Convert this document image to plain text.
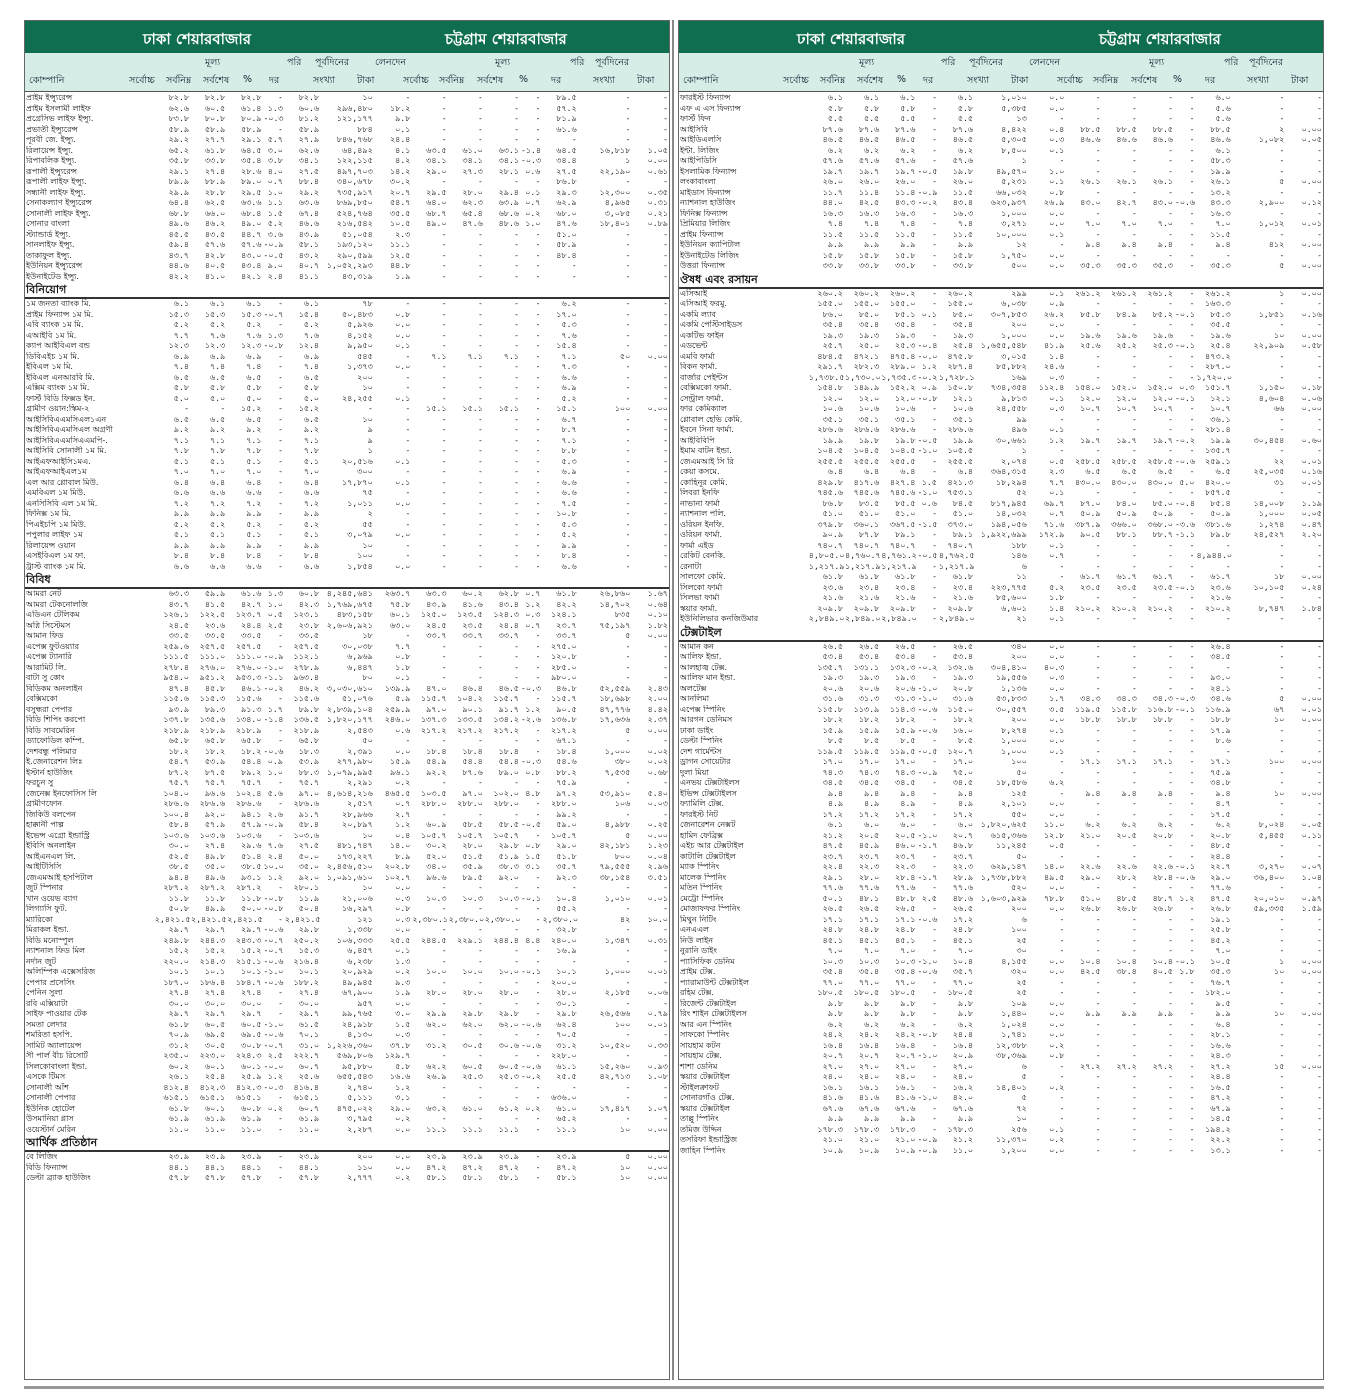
ঢাকা শেয়ারবাজার	চট্টগ্রাম শেয়ারবাজার
মূল্য	পরি পূর্বদিনের	লেনদেন	মূল্য	পরি পূর্বদিনের
কোম্পানি	সর্বোচ্চ সর্বনিম্ন সর্বশেষ % দর	সংখ্যা টাকা	সর্বোচ্চ সর্বনিম্ন সর্বশেষ % দর	সংখ্যা টাকা
প্রাইম ইন্স্যুরেন্স	৮২.৮	৮২.৮	৮২.৮	-	৮২.৮	১০	-	-	-	-	-	৮৯.৫	-	-
প্রাইম ইসলামী লাইফ	৬২.৬	৬০.৫	৬১.৪	১.৩	৬০.৬	২৯৬,৪৮০	১৮.২	-	-	-	-	৫৭.২	-	-
প্রগ্রেসিভ লাইফ ইন্স্যু.	৮৩.৮	৮০.৮	৮০.৯	-০.৩	৮১.২	১২১,১৭৭	৯.৮	-	-	-	-	৮১.৯	-	-
প্রভাতী ইন্স্যুরেন্স	৫৮.৯	৫৮.৯	৫৮.৯	-	৫৮.৯	৮৮৪	০.১	-	-	-	-	৬১.৬	-	-
পূরবী জে. ইন্স্যু.	২৯.২	২৭.৭	২৯.১	৫.৭	২৭.৯	৮৪৬,৭৬৮	২৪.৪	-	-	-	-	-	-	-
রিলায়েন্স ইন্স্যু.	৬৫.২	৬১.৮	৬৪.৫	৩.০	৬২.৬	৬৪,৪৯২	৪.১	৬৩.৫	৬১.০	৬৩.১	-১.৪	৬৪.৫	১৬,৮১৮	১.০৫
রিপাবলিক ইন্স্যু.	৩৫.৮	৩৩.৮	৩৫.৪	৩.৮	৩৪.১	১২২,১১৫	৪.২	৩৪.১	৩৪.১	৩৪.১	-০.৩	৩৪.৪	১	০.০০
রূপালী ইন্স্যুরেন্স	২৯.১	২৭.৪	২৮.৬	৪.০	২৭.৫	৪৯৭,৭০৩	১৪.২	২৯.০	২৭.৩	২৮.১	০.৬	২৭.৫	২২,১৯০	০.৬১
রূপালী লাইফ ইন্স্যু.	৮৯.৯	৮৮.৯	৮৯.০	০.৭	৮৮.৪	৩৪০,৬৭৮	৩০.২	-	-	-	-	৮৬.৮	-	-
সন্ধানী লাইফ ইন্স্যু.	২৯.৯	২৮.৮	২৯.৫	১.০	২৯.২	৭৩৫,৯১৭	২০.৭	২৯.৫	২৮.০	২৯.৪	০.১	২৯.৩	১২,৩০০	০.৩৫
সেনাকল্যাণ ইন্স্যুরেন্স	৬৪.৪	৬২.৫	৬৩.৬	১.১	৬৩.৬	৮৬৯,৮৫০	৫৪.৭	৬৪.০	৬২.৩	৬৩.৯	০.৭	৬২.৯	৪,৯৬৫	০.৩১
সোনালী লাইফ ইন্স্যু.	৬৮.৮	৬৬.০	৬৮.৪	১.৫	৬৭.৪	৫২৪,৭৬৪	৩৫.৫	৬৮.৭	৬৫.৪	৬৮.৬	০.২	৬৮.০	৩,০৮৫	০.২১
সোনার বাংলা	৪৯.৬	৪৬.২	৪৯.০	৫.২	৪৬.৬	২১৬,৫৪২	১০.৫	৪৯.০	৪৭.৬	৪৮.৬	১.০	৪৭.৬	১৮,৪০১	০.৮৯
স্ট্যান্ডার্ড ইন্স্যু.	৪৫.৫	৪৩.৫	৪৪.৭	৩.৬	৪৩.৯	৫১,০৫৪	২.৩	-	-	-	-	৫১.০	-	-
সানলাইফ ইন্স্যু.	৫৯.৪	৫৭.৬	৫৭.৬	-০.৯	৫৮.১	১৯৩,১২০	১১.১	-	-	-	-	৫৮.৯	-	-
তাকাফুল ইন্স্যু.	৪৩.৭	৪২.৮	৪৩.০	-০.৫	৪৩.২	২৯০,৫৯৯	১২.৫	-	-	-	-	৪৮.৪	-	-
ইউনিয়ন ইন্স্যুরেন্স	৪৪.৬	৪০.৫	৪৩.৪	৯.০	৪০.৭	১,০৫২,২৯৩	৪৪.৮	-	-	-	-	-	-	-
ইউনাইটেড ইন্স্যু.	৪২.২	৪১.০	৪২.১	২.৪	৪১.১	৪৩,৩১৯	১.৯	-	-	-	-	-	-	-
বিনিয়োগ														
১ম জনতা ব্যাংক মি.	৬.১	৬.১	৬.১	-	৬.১	৭৮	-	-	-	-	-	৬.২	-	-
প্রাইম ফিন্যান্স ১ম মি.	১৫.৩	১৫.৩	১৫.৩	-০.৭	১৫.৪	৫০,৪৮৩	০.৮	-	-	-	-	১৭.০	-	-
এবি ব্যাংক ১ম মি.	৫.২	৫.২	৫.২	-	৫.২	৫,৯২৬	০.০	-	-	-	-	৫.৩	-	-
এআইবি ১ম মি.	৭.৭	৭.৬	৭.৬	১.৩	৭.৬	৪,১৫২	০.০	-	-	-	-	৭.৬	-	-
ক্যাপ আইবিএল বন্ড	১২.৩	১২.৩	১২.৩	-০.৮	১২.৪	৯,৯৫০	০.১	-	-	-	-	১৫.৪	-	-
ডিবিএইচ ১ম মি.	৬.৯	৬.৯	৬.৯	-	৬.৯	৫৪৫	-	৭.১	৭.১	৭.১	-	৭.১	৫০	০.০০
ইবিএল ১ম মি.	৭.৪	৭.৪	৭.৪	-	৭.৪	১,৩৭৩	০.০	-	-	-	-	৭.৩	-	-
ইবিএল এনআরবি মি.	৬.৫	৬.৫	৬.৫	-	৬.৫	২০০	-	-	-	-	-	৬.৬	-	-
এক্সিম ব্যাংক ১ম মি.	৫.৮	৫.৮	৫.৮	-	৫.৮	১০	-	-	-	-	-	৬.৯	-	-
ফার্স্ট বিডি ফিক্সড ইন.	৫.০	৫.০	৫.০	-	৫.০	২৪,২৫৫	০.১	-	-	-	-	৫.২	-	-
গ্রামীণ ওয়ান:স্কিম-২	-	-	১৫.২	-	১৫.২	-	-	১৫.১	১৫.১	১৫.১	-	১৫.১	১০০	০.০০
আইসিবিএএমসিএল১এন	৬.৫	৬.৫	৬.৫	-	৬.৫	১০	-	-	-	-	-	৬.৭	-	-
আইসিবিএএমসিএল অগ্রণী	৯.২	৯.২	৯.২	-	৯.২	৯	-	-	-	-	-	৮.৭	-	-
আইসিবিএএমসিএএমপি-.	৭.১	৭.১	৭.১	-	৭.১	৯	-	-	-	-	-	৭.১	-	-
আইসিবি সোনালী ১ম মি.	৭.৮	৭.৮	৭.৮	-	৭.৮	১	-	-	-	-	-	৮.৮	-	-
আইএফআইসি১মএ.	৫.১	৫.১	৫.১	-	৫.১	২০,৫১৬	০.১	-	-	-	-	৫.৩	-	-
আইএফআইএল১ম	৭.০	৭.০	৭.০	-	৭.০	৩০০	-	-	-	-	-	৬.৯	-	-
এল আর গ্লোবাল মিউ.	৬.৪	৬.৪	৬.৪	-	৬.৪	১৭,৮৭০	০.১	-	-	-	-	৬.৬	-	-
এমবিএল ১ম মিউ.	৬.৬	৬.৬	৬.৬	-	৬.৬	৭৫	-	-	-	-	-	৬.৬	-	-
এনসিসিবি এল ১ম মি.	৭.২	৭.২	৭.২	-	৭.২	১,০১১	০.০	-	-	-	-	৭.৫	-	-
ফিনিক্স ১ম মি.	৯.৯	৯.৯	৯.৯	-	৯.৯	২	-	-	-	-	-	১০.৮	-	-
পিএইচপি ১ম মিউ.	৫.২	৫.২	৫.২	-	৫.২	৫৫	-	-	-	-	-	৫.৩	-	-
পপুলার লাইফ ১ম	৫.১	৫.১	৫.১	-	৫.১	৩,০৭৯	০.০	-	-	-	-	৫.২	-	-
রিলায়েন্স ওয়ান	৯.৯	৯.৯	৯.৯	-	৯.৯	১০	-	-	-	-	-	৯.৯	-	-
এসইবিএল ১ম ফা.	৮.৪	৮.৪	৮.৪	-	৮.৪	১০০	-	-	-	-	-	৮.৪	-	-
ট্রাস্ট ব্যাংক ১ম মি.	৬.৬	৬.৬	৬.৬	-	৬.৬	১,৮৫৪	০.০	-	-	-	-	৬.৬	-	-
বিবিধ														
আমরা নেট	৬৩.৩	৫৯.৯	৬১.৬	১.৩	৬০.৮	৪,২৪৫,৬৪১	২৬৩.৭	৬৩.৩	৬০.২	৬২.৮	০.৭	৬১.৮	২৬,৮৬০	১.৬৭
আমরা টেকনোলজি	৪৩.৭	৪১.৫	৪২.৭	১.০	৪২.৩	১,৭৬৯,৬৭৫	৭৫.৮	৪৩.৯	৪১.৬	৪৩.৪	১.২	৪২.২	১৪,৭০২	০.৬৪
এডিএন টেলিকম	১২৬.১	১২২.৫	১২৩.৭	০.৫	১২৩.১	৪৮৩,১৫৮	৬০.১	১২৫.০	১২৩.৫	১২৪.৩	০.৩	১২৪.১	৮৩৫	০.১০
অগ্নি সিস্টেমস	২৪.৫	২৩.৬	২৪.৪	২.৫	২৩.৮	২,৬০৬,৯২১	৬৩.০	২৪.৫	২৩.৫	২৪.৪	০.৭	২৩.৭	৭৫,১৯৭	১.৮২
আমান ফিড	৩৩.৫	৩৩.৫	৩৩.৫	-	৩৩.৫	১৮	-	৩৩.৭	৩৩.৭	৩৩.৭	-	৩৩.৭	৫	০.০০
এপেক্স ফুটওয়্যার	২৫৯.৬	২৫৭.৫	২৫৭.৫	-	২৫৭.৫	৩০,০৩৮	৭.৭	-	-	-	-	২৭৫.০	-	-
এপেক্স ট্যানারি	১১১.৫	১১১.০	১১১.০	-০.৯	১১২.১	৬,৯৬৯	০.৮	-	-	-	-	১২০.৮	-	-
আরামিট লি.	২৭৮.৪	২৭৬.০	২৭৬.০	-১.০	২৭৮.৯	৬,৪৪৭	১.৮	-	-	-	-	২৮৫.০	-	-
বাটা সু কোং	৯৫৪.০	৯৫১.২	৯৫৩.৩	-১.১	৯৬৩.৪	৮০	০.১	-	-	-	-	৯৮০.০	-	-
বিডিকম অনলাইন	৪৭.৪	৪৫.৮	৪৬.১	-০.২	৪৬.২	৩,০৩০,৬১০	১৩৯.৯	৪৭.০	৪৬.৪	৪৬.৫	-০.৩	৪৬.৮	৫২,৫৫৯	২.৪৩
বেক্সিমকো	১১৫.৬	১১৫.৩	১১৫.৬	-	১১৫.৬	৫১,০৭৬	৫.৯	১১৫.৭	১০৪.২	১১৫.৭	-	১১৫.৭	১৮,৬৯৮	২.০০
বসুন্ধরা পেপার	৯৩.৯	৮৯.৩	৯১.৩	১.৭	৮৯.৮	২,৮৩৯,১০৪	২৫৯.৯	৯৭.০	৯০.১	৯১.৭	১.২	৯০.৫	৪৭,৭৭৬	৪.৪২
বিডি শিপিং করপো	১৩৭.৮	১৩৫.৬	১৩৪.০	-১.৪	১৩৬.৫	১,৮২০,১৭৭	২৪৬.০	১৩৭.৩	১৩৩.৫	১৩৪.২	-২.৬	১৩৬.৮	১৭,৬৩৬	২.৩৭
বিডি সাবমেরিন	২১৮.৯	২১৮.৯	২১৮.৯	-	২১৮.৯	২,৫৪৩	০.৬	২১৭.২	২১৭.২	২১৭.২	-	২১৭.২	৫	০.০০
ড্যাফোডিল কম্পি.	৬৫.৮	৬৫.৮	৬৫.৮	-	৬৫.৮	৫০	-	-	-	-	-	৬৭.১	-	-
দেশবন্ধু পলিমার	১৮.২	১৮.২	১৮.২	-০.৬	১৮.৩	২,৩৯১	০.০	১৮.৪	১৮.৪	১৮.৪	-	১৮.৪	১,০০০	০.০২
ই.জেনারেশন লিঃ	৫৪.৭	৫৩.৯	৫৪.৪	০.৯	৫৩.৯	২৭৭,৯৮০	১৫.৯	৫৪.৯	৫৪.৪	৫৪.৪	-০.৩	৫৪.৬	৩৮০	০.০২
ইস্টার্ন হাউজিং	৮৭.২	৮৭.৫	৮৯.২	১.০	৮৮.৩	১,০৭৯,৯৯৫	৯৬.১	৯২.২	৮৭.৬	৮৯.০	০.৮	৮৮.২	৭,৫৩৫	০.৬৮
ফরচুন সু	৭৫.৭	৭৫.৭	৭৫.৭	-	৭৫.৭	২,২৯১	০.২	-	-	-	-	৭৫.৯	-	-
জেনেক্স ইনফোসিস লি	১০৪.০	৯৬.৬	১০২.৪	৫.৬	৯৭.০	৪,৬১৪,২১৬	৪৬৫.৫	১০৩.৫	৯৭.০	১০২.০	৪.৮	৯৭.২	৫৩,৯১০	৫.৪০
গ্রামীণফোন	২৮৬.৬	২৮৬.৬	২৮৬.৬	-	২৮৬.৬	২,৫১৭	০.৭	২৮৮.০	২৮৮.০	২৮৮.০	-	২৮৮.০	১০৬	০.০৩
জিকিউ বলপেন	১০০.৪	৯২.০	৯৪.১	২.৬	৯১.৭	২৮,৯৬৬	২.৭	-	-	-	-	৯৯.২	-	-
হাক্কানী পাল্প	৫৮.৪	৫৭.৯	৫৭.৯	-০.৯	৫৮.৪	২০,৮৯৭	১.২	৬০.৯	৫৮.৫	৫৮.৫	-০.৫	৫৯.০	৪,৯৮৮	০.২৫
ইভেন্স এগ্রো ইন্ডাস্ট্রি	১০৩.৬	১০৩.৬	১০৩.৬	-	১০৩.৬	১০	০.৪	১০৫.৭	১০৫.৭	১০৫.৭	-	১০৫.৭	৫	০.০০
ইবিসি অনলাইন	৩০.০	২৭.৪	২৯.৬	৭.৬	২৭.৫	৪৮১,৭৪৭	১৪.০	৩০.২	২৮.০	২৯.৮	০.৮	২৯.০	৪২,১৮১	১.২৩
আইএনএল লি.	৫২.৫	৪৯.৮	৫১.৪	২.৪	৫০.০	১৭৩,২২৭	৮.৯	৫২.০	৫১.৫	৫১.৯	১.৫	৫১.৮	৮০০	০.০৪
আইটিসিসি	৩৮.৫	৩৫.০	৩৮.৫	১০.০	৩৫.০	২,৪৫৬,৫১০	২০২.৮	৩৪.০	৩৫.৯	৩৮.৩	৩.১	৩৫.৭	৭৯,৫৫৫	২.৯৬
জেএমআই হসপিটাল	৯৪.৪	৪৯.৬	৯৩.১	১.২	৯২.০	১,০৯১,৬১০	১০২.৭	৯৬.৬	৮৯.৫	৯২.০	-	৯২.৩	৩৮,১৫৪	৩.৫১
জুট স্পিনার	২৮৭.২	২৮৭.২	২৮৭.২	-	২৮০.১	১০	০.০	-	-	-	-	-	-	-
খান ওয়েভ ব্যাগ	১১.৮	১১.৮	১১.৮	-০.৮	১১.৯	২১,০০৬	০.৩	১০.৩	১০.৩	১০.৩	-০.১	১০.৪	১,০১০	০.০১
লিগ্যাসি ফুট.	৫০.৮	৪৯.৯	৫০.০	-০.৮	৫০.৪	১৬,২৯৭	০.৮	-	-	-	-	৫৫.২	-	-
ম্যারিকো	২,৪২১.৫	২,৪২১.৫	২,৪২১.৫	-	২,৪২১.৫	১২১	০.৩	২,৩৮০.১	২,৩৮০.০	২,৩৮০.০	-	২,৩৮০.০	৪২	১০.০
মিরাকল ইন্ডা.	২৯.৭	২৯.৭	২৯.৭	-০.৬	২৯.৮	১,৩৩৮	০.০	-	-	-	-	৩২.৮	-	-
বিডি মনোস্পুল	২৪৯.৮	২৪৪.৩	২৪৩.৩	-০.৭	২৫০.২	১০৬,৩৩৩	২৫.৫	২৪৪.৫	২২৯.১	২৪৪.৪	৪.৪	২৪০.০	১,৩৪৭	০.৩১
ন্যাশনাল ফিড মিল	১৫.২	১৫.২	১৫.২	-০.৭	১৫.৩	৬,৪৫৭	০.১	-	-	-	-	১৬.৯	-	-
নর্দান জুট	২২০.০	২১৪.৩	২১৫.১	-০.৬	২১৬.৪	৬,২৩৮	১.৩	-	-	-	-	-	-	-
অলিম্পিক এক্সেসরিজ	১০.১	১০.১	১০.১	-১.০	১০.১	২০,৯২৯	০.২	১০.০	১০.০	১০.০	-০.১	১০.১	১,০০০	০.০১
পেপার প্রসেসিং	১৮৭.০	১৮৬.৪	১৮৪.৭	-০.৬	১৮৮.২	৪৯,৯৪৫	৯.৩	-	-	-	-	২০০.০	-	-
পেনিন সুলা	২৭.৪	২৭.৪	২৭.৪	-	২৭.৪	৬৭,৯০০	১.৯	২৮.০	২৮.০	২৮.০	-	২৮.০	২,১৮৫	০.০৬
রবি এক্সিয়াটা	৩০.০	৩০.০	৩০.০	-	৩০.০	৯৫৭	০.০	-	-	-	-	৩০.১	-	-
সাইফ পাওয়ার টেক	২৯.৭	২৯.৭	২৯.৭	-	২৯.৭	৯৯,৭৬৫	৩.০	২৯.৯	২৯.৮	২৯.৮	-	২৯.৮	২৬,৫৬৬	০.৭৯
সমতা লেদার	৬১.৮	৬০.৫	৬০.৫	-১.০	৬১.৫	২৪,৯১৮	১.৫	৬২.০	৬২.০	৬২.০	-০.৬	৬২.৪	১০০	০.০১
শমরিতা হসপি.	৭০.৯	৬৯.৫	৬৯.৫	-০.৬	৭০.১	৪,১৩০	০.৩	-	-	-	-	৭০.৫	-	-
সামিট অ্যালায়েন্স	৩১.২	৩০.৫	৩০.৮	-০.৭	৩১.০	১,২২৬,৩৬০	৩৭.৮	৩১.২	৩০.৫	৩০.৬	-০.৬	৩১.২	১০,৫২০	০.৩৩
সী পার্ল বীচ রিসোর্ট	২৩৫.০	২২৩.০	২২৪.৩	২.৫	২২২.৭	৫৬৯,৮০৬	১২৯.৭	-	-	-	-	২২৮.০	-	-
সিলকোবাংলা ইন্ডা.	৬০.২	৬০.১	৬০.১	-০.০	৬০.৭	৯৫,৮৮০	৫.৮	৬২.২	৬০.৫	৬০.৫	-০.৬	৬১.১	১৫,২৬০	০.৯৩
এসকে টিমস	২৬.১	২৫.৪	২৫.৯	১.২	২৫.৬	৬৫৫,৫৪৩	১৬.৬	২৬.৯	২৫.৩	২৫.৩	-০.২	২৫.৫	৪২,৭১৩	১.০৮
সোনালী আঁশ	৪১২.৪	৪১২.৩	৪১২.৩	-০.৩	৪১৬.৪	২,৭৪০	১.২	-	-	-	-	-	-	-
সোনালী পেপার	৬১৫.১	৬১৫.১	৬১৫.১	-	৬১৫.১	৫,১১১	৩.১	-	-	-	-	৬৩৬.০	-	-
ইউনিক হোটেল	৬১.৮	৬০.১	৬০.৮	০.২	৬০.৭	৪৭৫,০২২	২৯.০	৬৩.২	৬১.০	৬১.২	০.২	৬১.০	১৭,৪১৭	১.০৭
উসমানিয়া গ্লাস	৬১.৯	৬১.৯	৬১.৯	-	৬১.৯	৩,৭৯৫	০.২	-	-	-	-	৬৫.২	-	-
ওয়েস্টার্ন মেরিন	১১.০	১১.০	১১.০	-	১১.০	২,২৮৭	০.০	১১.১	১১.১	১১.১	-	১১.১	১০	০.০০
আর্থিক প্রতিষ্ঠান														
বে লিজিং	২৩.৯	২৩.৯	২৩.৯	-	২৩.৯	২০০	০.০	২৩.৯	২৩.৯	২৩.৯	-	২৩.৯	৫	০.০০
বিডি ফিন্যান্স	৪৪.১	৪৪.১	৪৪.১	-	৪৪.১	১১০	০.০	৪৭.২	৪৭.২	৪৭.২	-	৪৭.২	১০	০.০০
ডেল্টা ব্র্যাক হাউজিং	৫৭.৮	৫৭.৮	৫৭.৮	-	৫৭.৮	২,৭৭৭	০.২	৫৮.১	৫৮.১	৫৮.১	-	৫৮.১	১০	০.০০
ঢাকা শেয়ারবাজার	চট্টগ্রাম শেয়ারবাজার
মূল্য	পরি পূর্বদিনের	লেনদেন	মূল্য	পরি পূর্বদিনের
কোম্পানি	সর্বোচ্চ সর্বনিম্ন সর্বশেষ % দর	সংখ্যা টাকা	সর্বোচ্চ সর্বনিম্ন সর্বশেষ % দর	সংখ্যা টাকা
ফারইস্ট ফিন্যান্স	৬.১	৬.১	৬.১	-	৬.১	১,০১০	০.০	-	-	-	-	৬.০	-	-
এফ এ এস ফিন্যান্স	৫.৮	৫.৮	৫.৮	-	৫.৮	৫,৩৮৫	০.০	-	-	-	-	৫.৬	-	-
ফার্স্ট ফিন	৫.৫	৫.৫	৫.৫	-	৫.৫	১৩	-	-	-	-	-	৫.৬	-	-
আইসিবি	৮৭.৬	৮৭.৬	৮৭.৬	-	৮৭.৬	৪,৪২২	০.৪	৮৮.৫	৮৮.৫	৮৮.৫	-	৮৮.৫	২	০.০০
আইডিএলসি	৪৬.৫	৪৬.৫	৪৬.৫	-	৪৬.৫	৫,৩০৫	০.৩	৪৬.৬	৪৬.৬	৪৬.৬	-	৪৬.৬	১,০৮২	০.০৫
ইন্টা. লিজিং	৬.২	৬.২	৬.২	-	৬.২	৮,৫০০	০.১	-	-	-	-	৬.১	-	-
আইপিডিসি	৫৭.৬	৫৭.৬	৫৭.৬	-	৫৭.৬	১	-	-	-	-	-	৫৮.৩	-	-
ইসলামিক ফিন্যান্স	১৯.৭	১৯.৭	১৯.৭	-০.৫	১৯.৮	৪৯,৫৭০	১.০	-	-	-	-	১৯.৯	-	-
লংকাবাংলা	২৬.০	২৬.০	২৬.০	-	২৬.০	৫,২৩১	০.১	২৬.১	২৬.১	২৬.১	-	২৬.১	৫	০.০০
মাইডাস ফিন্যান্স	১১.৭	১১.৪	১১.৪	-০.৯	১১.৫	৬৬,০৩২	০.৮	-	-	-	-	১৩.২	-	-
ন্যাশনাল হাউজিং	৪৪.০	৪২.৫	৪৩.৩	-০.২	৪৩.৪	৬২৩,৯৩৭	২৬.৯	৪৩.০	৪২.৭	৪৩.০	-০.৬	৪৩.৩	২,৯০০	০.১২
ফিনিক্স ফিন্যান্স	১৬.৩	১৬.৩	১৬.৩	-	১৬.৩	১,০০০	০.০	-	-	-	-	১৬.৩	-	-
প্রিমিয়ার লিজিং	৭.৪	৭.৪	৭.৪	-	৭.৪	৩,২৭১	০.০	৭.০	৭.০	৭.০	-	৭.০	১,০১২	০.০১
প্রাইম ফিন্যান্স	১১.৫	১১.৫	১১.৫	-	১১.৫	১০,০০০	০.১	-	-	-	-	১১.৫	-	-
ইউনিয়ন ক্যাপিটাল	৯.৯	৯.৯	৯.৯	-	৯.৯	১২	-	৯.৪	৯.৪	৯.৪	-	৯.৪	৪১২	০.০০
ইউনাইটেড লিজিং	১৫.৮	১৫.৮	১৫.৮	-	১৫.৮	১,৭৫০	০.০	-	-	-	-	-	-	-
উত্তরা ফিন্যান্স	৩৩.৮	৩৩.৮	৩৩.৮	-	৩৩.৮	৫০০	০.০	৩৫.৩	৩৫.৩	৩৫.৩	-	৩৫.৩	৫	০.০০
ঔষধ এবং রসায়ন														
এসিআই	২৬০.২	২৬০.২	২৬০.২	-	২৬০.২	২৯৯	০.১	২৬১.২	২৬১.২	২৬১.২	-	২৬১.২	১	০.০০
এসিআই ফরমু.	১৫৫.০	১৫৫.০	১৫৫.০	-	১৫৫.০	৬,০৩৮	০.৯	-	-	-	-	১৬৩.৩	-	-
একমি ল্যাব	৮৬.০	৮৫.০	৮৫.১	০.১	৮৫.০	৩০৭,৮৫৩	২৬.২	৮৫.৮	৮৪.৯	৮৫.২	-০.১	৮৫.৩	১,৮৫১	০.১৬
একমি পেস্টিসাইডস	৩৫.৪	৩৫.৪	৩৫.৪	-	৩৫.৪	২০০	০.০	-	-	-	-	৩৫.৫	-	-
একটিভ ফাইন	১৯.৩	১৯.৩	১৯.৩	-	১৯.৩	১,০০০	০.০	১৯.৬	১৯.৬	১৯.৬	-	১৯.৬	১০	০.০০
এডভেন্ট	২৫.৭	২৫.০	২৫.৩	-০.৪	২৫.৪	১,৬৫৫,৫৪৮	৪১.৯	২৫.৬	২৫.২	২৫.৩	-০.১	২৫.৪	২২,৯০৯	০.৫৮
এমবি ফার্মা	৪৮৪.৫	৪৭২.১	৪৭৫.৪	-০.০	৪৭৫.৮	৩,০১৫	১.৪	-	-	-	-	৪৭৩.২	-	-
বিকন ফার্মা.	২৯১.৭	২৮২.৩	২৮৯.০	১.২	২৮৭.৪	৮৫,৮৮২	২৪.৬	-	-	-	-	২৮৭.০	-	-
বার্জার পেইন্টস	১,৭৩৮.৫	১,৭৩০.০	১,৭৩৫.৩	-০.২	১,৭২৮.১	১৬৯	০.৩	-	-	-	-	১,৭২০.০	-	-
বেক্সিমকো ফার্মা.	১৫৪.৮	১৪৯.৯	১৫২.২	০.৯	১৫০.৮	৭৩৪,৩৫৪	১১২.৪	১৫৪.০	১৫২.০	১৫২.০	০.৩	১৫১.৭	১,১৫০	০.১৮
সেন্ট্রাল ফার্মা.	১২.০	১২.০	১২.০	-০.৮	১২.১	৯,৮১৩	০.১	১২.০	১২.০	১২.০	-০.১	১২.১	৪,৬০৪	০.০৬
ফার কেমিক্যাল	১০.৬	১০.৬	১০.৬	-	১০.৬	২৪,৫৫৮	০.৩	১০.৭	১০.৭	১০.৭	-	১০.৭	৬৬	০.০০
গ্লোবাল হেভি কেমি.	৩৫.১	৩৫.১	৩৫.১	-	৩৫.১	৯৯	-	-	-	-	-	৩৬.১	-	-
ইবনে সিনা ফার্মা.	২৮৬.৬	২৮৬.৬	২৮৬.৬	-	২৮৬.৬	৪৯৬	০.১	-	-	-	-	২৮১.৪	-	-
আইবিবিপি	১৯.৯	১৯.৮	১৯.৮	-০.৫	১৯.৯	৩০,৬৬১	১.২	১৯.৭	১৯.৭	১৯.৭	-০.২	১৯.৯	৩০,৪৫৪	০.৬০
ইমাম বাটন ইন্ডা.	১০৪.৫	১০৪.৫	১০৪.৫	-১.০	১০৫.৫	১	-	-	-	-	-	১৩৫.৭	-	-
জেএমআই সি রি	২৫৫.৫	২৫৫.৫	২৫৫.৫	-	২৫৫.৫	২,০৭৪	০.৫	২৫৮.৫	২৫৮.৫	২৫৮.৫	-০.৬	২৫৯.১	২২	০.০১
কেয়া কসমে.	৬.৪	৬.৪	৬.৪	-	৬.৪	৩৬৪,৩১৫	২.৩	৬.৫	৬.৫	৬.৫	-	৬.৫	২৫,০৩৫	০.১৬
কোহিনূর কেমি.	৪২৯.৮	৪১৭.৬	৪২৭.৪	১.৫	৪২১.৩	১৮,২৯৪	৭.৭	৪৩০.০	৪৩০.০	৪৩০.০	৫.০	৪২০.০	৩১	০.০১
লিবরা ইনফি	৭৪৫.৬	৭৪৫.৬	৭৪৫.৬	-১.০	৭৫৩.১	৫২	০.১	-	-	-	-	৮৫৭.৫	-	-
নাভানা ফার্মা	৮৬.৮	৮৩.৫	৮৫.৫	০.৬	৮৪.৫	৮১৭,৯৪৫	৬৯.৭	৮৭.০	৮৪.০	৮৫.০	-০.৪	৮৫.৪	১৪,০০৮	১.১৯
ন্যাশনাল পলি.	৫১.০	৫১.০	৫১.০	-	৫১.০	১৪,০৩২	০.৭	৫০.৯	৫০.৯	৫০.৯	-	৫০.৯	১,০০০	০.০৫
ওরিয়ন ইনফি.	৩৭৯.৮	৩৬০.১	৩৬৭.৫	-১.৫	৩৭৩.০	১৯৪,০৫৬	৭১.৬	৩৮৭.৯	৩৬৬.০	৩৬৮.০	-৩.৬	৩৮১.৬	১,২৭৪	০.৪৭
ওরিয়ন ফার্মা.	৯০.৯	৮৭.৮	৮৯.১	-	৮৯.১	১,৯২২,৬৯৯	১৭২.৯	৯০.৫	৮৮.১	৮৮.৭	-১.১	৮৯.৮	২৪,৫২৭	২.২০
ফার্মা এইড	৭৪০.৭	৭৪০.৭	৭৪০.৭	-	৭৪০.৭	১৮৮	০.১	-	-	-	-	-	-	-
রেকিট বেনকি.	৪,৮০৫.০	৪,৭৬০.৭	৪,৭৬১.২	-০.৫	৪,৭৬২.৫	১৪৬	০.৭	-	-	-	-	৪,৯৪৪.০	-	-
রেনাটা	১,২১৭.৯	১,২১৭.৯	১,২১৭.৯	-	১,২১৭.৯	৬	-	-	-	-	-	-	-	-
সালফো কেমি.	৬১.৮	৬১.৮	৬১.৮	-	৬১.৮	১১	-	৬১.৭	৬১.৭	৬১.৭	-	৬১.৭	১৮	০.০০
সিলকো ফার্মা	২৩.৬	২৩.৪	২৩.৪	-	২৩.৪	২২৩,৭৭৫	৫.২	২৩.৫	২৩.৫	২৩.৫	-০.১	২৩.৬	১০,১০৫	০.২৪
সিলভা ফার্মা	২১.৬	২১.৬	২১.৬	-	২১.৬	৮৫,৬০০	১.৮	-	-	-	-	২১.৬	-	-
স্কয়ার ফার্মা.	২০৯.৮	২০৯.৮	২০৯.৮	-	২০৯.৮	৬,৬০১	১.৪	২১০.২	২১০.২	২১০.২	-	২১০.২	৮,৭৪৭	১.৮৪
ইউনিলিভার কনজিউমার	২,৮৪৯.০	২,৮৪৯.০	২,৮৪৯.০	-	২,৮৪৯.০	২১	০.১	-	-	-	-	-	-	-
টেক্সটাইল														
আমান কন	২৬.৫	২৬.৫	২৬.৫	-	২৬.৫	৩৪০	০.০	-	-	-	-	২৬.৪	-	-
আলিফ ইন্ডা.	৫৩.৪	৫৩.৪	৫৩.৪	-	৫৩.৪	২০০	০.০	-	-	-	-	৩৪.৫	-	-
আলহাজ্ব টেক্স.	১৩৫.৭	১৩১.১	১৩২.৩	-০.২	১৩২.৬	৩০৪,৪১০	৪০.৩	-	-	-	-	-	-	-
আলিফ মান ইন্ডা.	১৯.৩	১৯.৩	১৯.৩	-	১৯.৩	১৯,৫৫৬	০.৩	-	-	-	-	৯৩.০	-	-
অলটেক্স	২০.৬	২০.৬	২০.৬	-১.০	২০.৮	১,১৩৬	০.০	-	-	-	-	২৪.১	-	-
আনলিমা	৩১.৬	৩১.৩	৩১.৩	-১.০	৩১.৬	৫৩,৮৩৩	১.৭	৩৪.৩	৩৪.৩	৩৪.৩	-০.৩	৩৪.৬	৫	০.০০
এপেক্স স্পিনিং	১১৫.৮	১১৩.৯	১১৪.৩	-০.৬	১১৫.০	৩০,৫৫৭	৩.৫	১১৯.৫	১১৫.৮	১১৬.৮	-০.১	১১৬.৯	৬৭	০.০১
আরগন ডেনিমস	১৮.২	১৮.২	১৮.২	-	১৮.২	২০০	০.০	১৮.৮	১৮.৮	১৮.৮	-	১৮.৮	১০	০.০০
ঢাকা ডাইং	১৫.৯	১৫.৯	১৫.৯	-০.৬	১৬.০	৮,২৭৪	০.১	-	-	-	-	১৭.৯	-	-
ডেল্টা স্পিনিং	৮.৫	৮.৫	৮.৫	-	৮.৫	১,০০০	০.০	-	-	-	-	৮.৬	-	-
দেশ গার্মেন্টস	১১৯.৫	১১৯.৫	১১৯.৫	-০.৫	১২০.৭	১,০০০	০.১	-	-	-	-	-	-	-
ড্রাগন সোয়েটার	১৭.০	১৭.০	১৭.০	-	১৭.০	১০০	-	১৭.১	১৭.১	১৭.১	-	১৭.১	১০০	০.০০
দুলা মিয়া	৭৪.৩	৭৪.৩	৭৪.৩	-০.৯	৭৫.০	৫০	-	-	-	-	-	৭৫.৯	-	-
এনভয় টেক্সটাইলস	৩৪.৫	৩৪.৫	৩৪.৫	-	৩৪.৫	১৮,৫৮৬	৬.২	-	-	-	-	৩৪.৮	-	-
ইভিন্স টেক্সটাইলস	৯.৪	৯.৪	৯.৪	-	৯.৪	১২৫	-	৯.৪	৯.৪	৯.৪	-	৯.৪	১০	০.০০
ফ্যামিলি টেক্স.	৪.৯	৪.৯	৪.৯	-	৪.৯	২,১০১	০.০	-	-	-	-	৪.৭	-	-
ফারইস্ট নিট	১৭.২	১৭.২	১৭.২	-	১৭.২	৫৫০	০.০	-	-	-	-	১৭.৫	-	-
জেনারেশন নেক্সট	৬.১	৬.০	৬.০	-	৬.০	১,৮২০,৬২৫	১১.০	৬.২	৬.২	৬.২	-	৬.২	৮,০২৪	০.০৫
হামিদ ফেব্রিক্স	২১.২	২০.৫	২০.৫	-১.০	২০.৭	৬১৫,৩৬৬	১২.৮	২১.০	২০.৫	২০.৮	-	২০.৮	৫,৪৫৫	০.১১
এইচ আর টেক্সটাইল	৪৭.৫	৪৫.৯	৪৬.০	-১.৭	৪৬.৮	১১,২৪৫	০.৫	-	-	-	-	৪৮.৫	-	-
কাটালি টেক্সটাইল	২৩.৭	২৩.৭	২৩.৭	-	২৩.৭	৫০	-	-	-	-	-	২৪.৪	-	-
ম্যাক স্পিনিং	২২.৪	২২.৩	২২.৩	-	২২.৩	৬২৯,১৪৭	১৪.০	২২.৬	২২.৬	২২.৬	-০.১	২২.৭	৩,২৭০	০.০৭
মালেক স্পিনিং	২৯.১	২৮.০	২৮.৪	-১.৭	২৮.৯	১,৭৩৮,৮৮২	৪৯.৫	২৯.০	২৮.২	২৮.৪	-০.৬	২৯.০	৩৬,৪০০	১.০৪
মতিন স্পিনিং	৭৭.৬	৭৭.৬	৭৭.৬	-	৭৭.৬	৫২০	০.০	-	-	-	-	৭৭.৬	-	-
মেট্রো স্পিনিং	৫০.১	৪৮.১	৪৮.৮	২.৫	৪৮.৬	১,৬০৩,৯২৯	৭৮.৮	৫১.০	৪৮.৫	৪৮.৭	১.২	৪৭.৫	২০,০১০	০.৯৭
মোজাফফর স্পিনিং	২৬.৫	২৬.৫	২৬.৫	-	২৬.৫	২০০	০.০	২৬.৮	২৬.৮	২৬.৮	-	২৬.৮	৫৯,৩৩৫	১.৫৯
মিথুন নিটিং	১৭.১	১৭.১	১৭.১	-০.৬	১৭.২	৬	-	-	-	-	-	১৯.১	-	-
এনএএল	২৪.৮	২৪.৮	২৪.৮	-	২৪.৮	১০০	-	-	-	-	-	২৫.৮	-	-
নিউ লাইন	৪৫.১	৪৫.১	৪৫.১	-	৪৫.১	২৫	-	-	-	-	-	৪৫.২	-	-
নুরানি ডাইং	৭.০	৭.০	৭.০	-	৭.০	৩০	-	-	-	-	-	৭.০	-	-
প্যাসিফিক ডেনিম	১০.৩	১০.৩	১০.৩	-১.০	১০.৪	৪,১৫৫	০.০	১০.৪	১০.৪	১০.৪	-০.১	১০.৫	১	০.০০
প্রাইম টেক্স.	৩৫.৪	৩৫.৪	৩৫.৪	-০.৬	৩৫.৭	৩২০	০.০	৪২.৫	৩৮.৪	৪০.৫	১.৮	৩৫.৩	১০	০.০০
প্যারামাউন্ট টেক্সটাইল	৭৭.০	৭৭.০	৭৭.০	-	৭৭.০	২৫	-	-	-	-	-	৭৬.৭	-	-
রহিম টেক্স.	১৮০.৫	১৮০.৫	১৮০.৫	-	১৮০.৫	২৫	-	-	-	-	-	১৮২.০	-	-
রিজেন্ট টেক্সটাইল	৯.৮	৯.৮	৯.৮	-	৯.৮	১০৯	০.০	-	-	-	-	৯.৫	-	-
রিং শাইন টেক্সটাইলস	৯.৮	৯.৮	৯.৮	-	৯.৮	১,৪৪০	০.০	৯.৯	৯.৯	৯.৯	-	৯.৯	১০	০.০০
আর এন স্পিনিং	৬.২	৬.২	৬.২	-	৬.২	১,০২৪	০.০	-	-	-	-	৬.৪	-	-
সাফকো স্পিনিং	২৪.২	২৪.২	২৪.২	-০.৮	২৪.৪	১,৭৪১	০.০	-	-	-	-	২৮.১	-	-
সায়হাম কটন	১৬.৪	১৬.৪	১৬.৪	-	১৬.৪	১২,৩৮৮	০.২	-	-	-	-	১৬.৬	-	-
সায়হাম টেক্স.	২০.৭	২০.৭	২০.৭	-১.০	২০.৯	৩৮,৩৬৯	০.৮	-	-	-	-	২৪.৩	-	-
শাশা ডেনিম	২৭.০	২৭.০	২৭.০	-	২৭.০	৬	-	২৭.২	২৭.২	২৭.২	-	২৭.২	১৫	০.০০
স্কয়ার টেক্সটাইল	২৪.০	২৪.০	২৪.০	-	২৪.০	৫	-	-	-	-	-	২৪.৪	-	-
স্টাইলক্রাফট	১৬.১	১৬.১	১৬.১	-	১৬.২	১৪,৪০১	০.২	-	-	-	-	১৬.৫	-	-
সোনারগাঁও টেক্স.	৪১.৬	৪১.৬	৪১.৬	-১.০	৪২.০	৫	-	-	-	-	-	৪৭.২	-	-
স্কয়ার টেক্সটাইল	৬৭.৬	৬৭.৬	৬৭.৬	-	৬৭.৬	৭২	-	-	-	-	-	৬৭.৯	-	-
তাল্লু স্পিনিং	৯.৯	৯.৯	৯.৯	-	৯.৯	১০	-	-	-	-	-	১৪.৫	-	-
তমিজ উদ্দিন	১৭৮.৩	১৭৮.৩	১৭৮.৩	-	১৭৮.৩	২৫৬	০.১	-	-	-	-	১৯৪.২	-	-
তসরিফা ইন্ডাস্ট্রিজ	২১.০	২১.০	২১.০	-০.৯	২১.২	১১,৩৭০	০.২	-	-	-	-	২২.২	-	-
জাহিন স্পিনিং	১০.৯	১০.৯	১০.৯	-০.৯	১১.০	১,২০০	০.০	-	-	-	-	১৩.১	-	-
